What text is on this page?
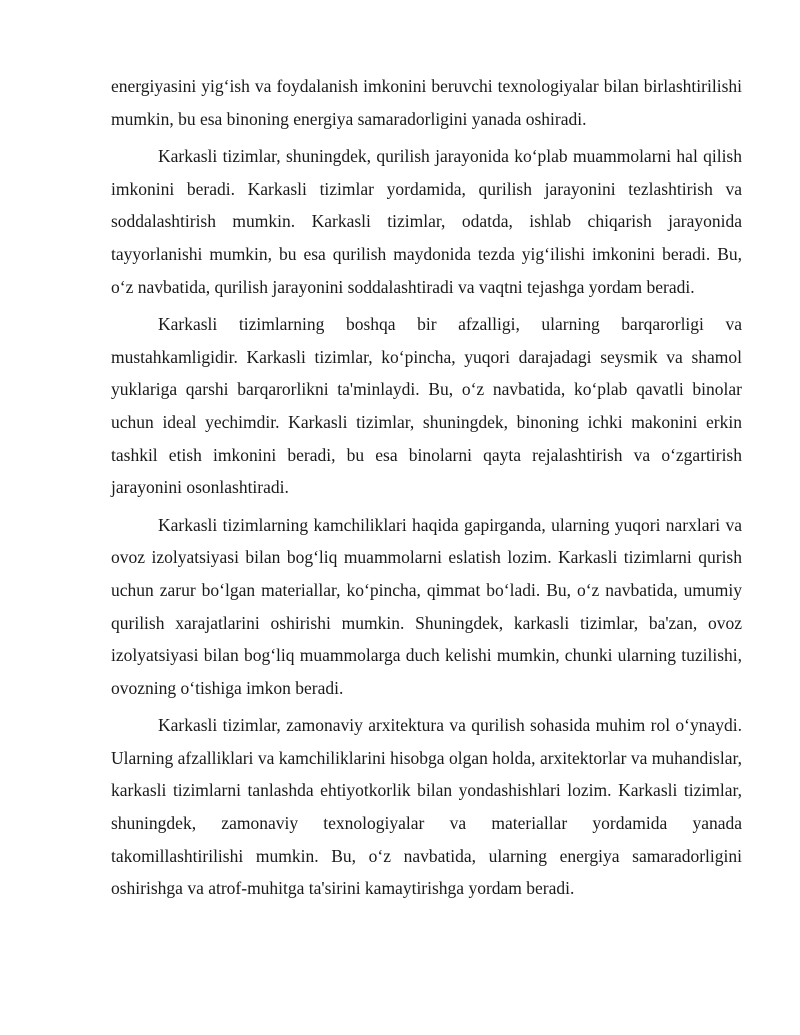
energiyasini yig‘ish va foydalanish imkonini beruvchi texnologiyalar bilan birlashtirilishi mumkin, bu esa binoning energiya samaradorligini yanada oshiradi.

Karkasli tizimlar, shuningdek, qurilish jarayonida ko‘plab muammolarni hal qilish imkonini beradi. Karkasli tizimlar yordamida, qurilish jarayonini tezlashtirish va soddalashtirish mumkin. Karkasli tizimlar, odatda, ishlab chiqarish jarayonida tayyorlanishi mumkin, bu esa qurilish maydonida tezda yig‘ilishi imkonini beradi. Bu, o‘z navbatida, qurilish jarayonini soddalashtiradi va vaqtni tejashga yordam beradi.

Karkasli tizimlarning boshqa bir afzalligi, ularning barqarorligi va mustahkamligidir. Karkasli tizimlar, ko‘pincha, yuqori darajadagi seysmik va shamol yuklariga qarshi barqarorlikni ta'minlaydi. Bu, o‘z navbatida, ko‘plab qavatli binolar uchun ideal yechimdir. Karkasli tizimlar, shuningdek, binoning ichki makonini erkin tashkil etish imkonini beradi, bu esa binolarni qayta rejalashtirish va o‘zgartirish jarayonini osonlashtiradi.

Karkasli tizimlarning kamchiliklari haqida gapirganda, ularning yuqori narxlari va ovoz izolyatsiyasi bilan bog‘liq muammolarni eslatish lozim. Karkasli tizimlarni qurish uchun zarur bo‘lgan materiallar, ko‘pincha, qimmat bo‘ladi. Bu, o‘z navbatida, umumiy qurilish xarajatlarini oshirishi mumkin. Shuningdek, karkasli tizimlar, ba'zan, ovoz izolyatsiyasi bilan bog‘liq muammolarga duch kelishi mumkin, chunki ularning tuzilishi, ovozning o‘tishiga imkon beradi.

Karkasli tizimlar, zamonaviy arxitektura va qurilish sohasida muhim rol o‘ynaydi. Ularning afzalliklari va kamchiliklarini hisobga olgan holda, arxitektorlar va muhandislar, karkasli tizimlarni tanlashda ehtiyotkorlik bilan yondashishlari lozim. Karkasli tizimlar, shuningdek, zamonaviy texnologiyalar va materiallar yordamida yanada takomillashtirilishi mumkin. Bu, o‘z navbatida, ularning energiya samaradorligini oshirishga va atrof-muhitga ta'sirini kamaytirishga yordam beradi.
